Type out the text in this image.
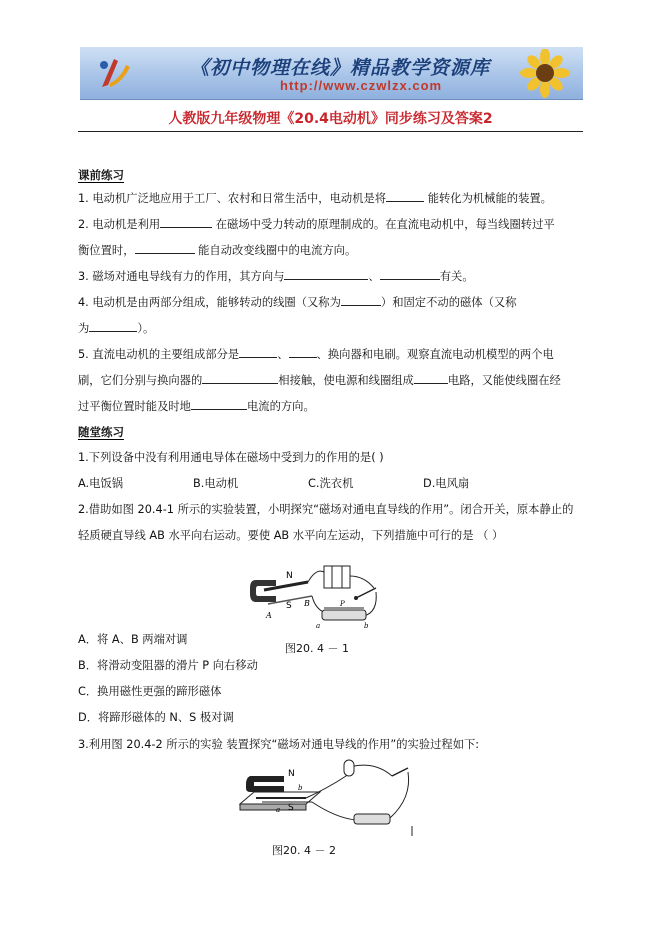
《初中物理在线》精品教学资源库
http://www.czwlzx.com
人教版九年级物理《20.4电动机》同步练习及答案2
课前练习
1. 电动机广泛地应用于工厂、农村和日常生活中，电动机是将	能转化为机械能的装置。
2. 电动机是利用	在磁场中受力转动的原理制成的。在直流电动机中，每当线圈转过平
衡位置时，	能自动改变线圈中的电流方向。
3. 磁场对通电导线有力的作用，其方向与	、	有关。
4. 电动机是由两部分组成，能够转动的线圈（又称为	）和固定不动的磁体（又称
为	）。
5. 直流电动机的主要组成部分是	、 、换向器和电刷。观察直流电动机模型的两个电
刷，它们分别与换向器的	相接触，使电源和线圈组成	电路，又能使线圈在经
过平衡位置时能及时地	电流的方向。
随堂练习
1.下列设备中没有利用通电导体在磁场中受到力的作用的是( )
A.电饭锅	B.电动机	C.洗衣机	D.电风扇
2.借助如图 20.4-1 所示的实验装置，小明探究“磁场对通电直导线的作用”。闭合开关，原本静止的
轻质硬直导线 AB 水平向右运动。要使 AB 水平向左运动，下列措施中可行的是 （ ）
N
S
A
B	P
a	b
图20. 4 － 1
A．将 A、B 两端对调
B．将滑动变阻器的滑片 P 向右移动
C．换用磁性更强的蹄形磁体
D．将蹄形磁体的 N、S 极对调
3.利用图 20.4-2 所示的实验 装置探究“磁场对通电导线的作用”的实验过程如下:
N
S
a
b
图20. 4 － 2
